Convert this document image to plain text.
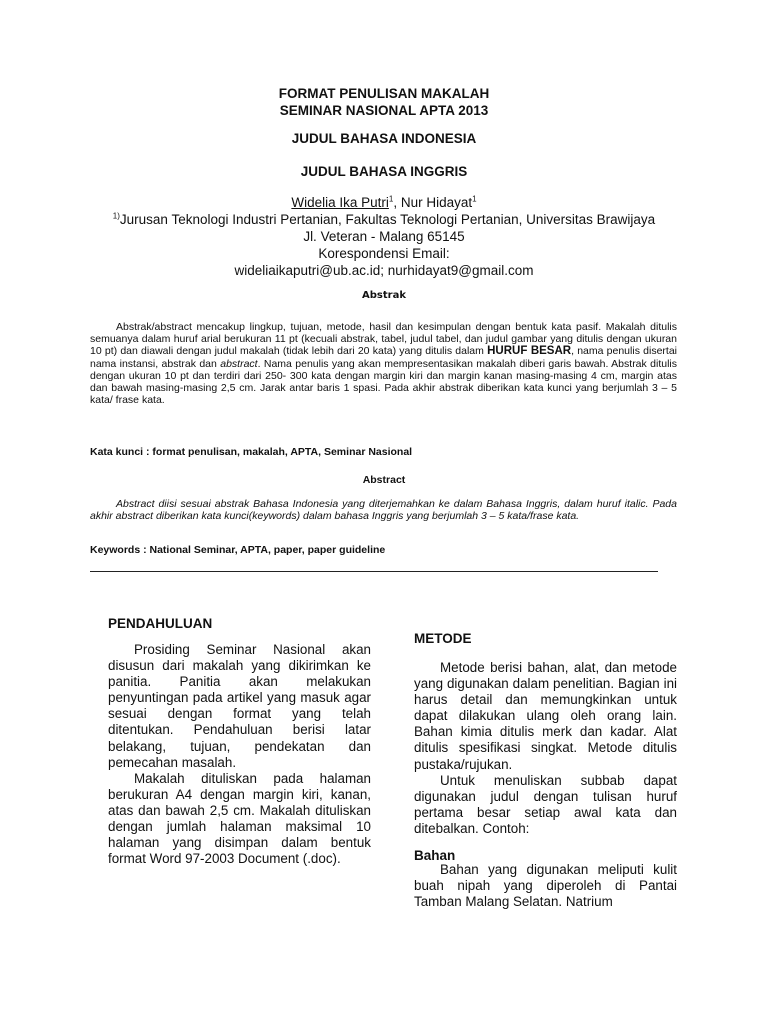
FORMAT PENULISAN MAKALAH
SEMINAR NASIONAL APTA 2013
JUDUL BAHASA INDONESIA
JUDUL BAHASA INGGRIS
Widelia Ika Putri$^1$, Nur Hidayat$^1$
$^{1)}$Jurusan Teknologi Industri Pertanian, Fakultas Teknologi Pertanian, Universitas Brawijaya
Jl. Veteran - Malang 65145
Korespondensi Email:
wideliaikaputri@ub.ac.id; nurhidayat9@gmail.com
Abstrak
Abstrak/abstract mencakup lingkup, tujuan, metode, hasil dan kesimpulan dengan bentuk kata pasif. Makalah ditulis semuanya dalam huruf arial berukuran 11 pt (kecuali abstrak, tabel, judul tabel, dan judul gambar yang ditulis dengan ukuran 10 pt) dan diawali dengan judul makalah (tidak lebih dari 20 kata) yang ditulis dalam HURUF BESAR, nama penulis disertai nama instansi, abstrak dan abstract. Nama penulis yang akan mempresentasikan makalah diberi garis bawah. Abstrak ditulis dengan ukuran 10 pt dan terdiri dari 250- 300 kata dengan margin kiri dan margin kanan masing-masing 4 cm, margin atas dan bawah masing-masing 2,5 cm. Jarak antar baris 1 spasi. Pada akhir abstrak diberikan kata kunci yang berjumlah 3 – 5 kata/ frase kata.
Kata kunci : format penulisan, makalah, APTA, Seminar Nasional
Abstract
Abstract diisi sesuai abstrak Bahasa Indonesia yang diterjemahkan ke dalam Bahasa Inggris, dalam huruf italic. Pada akhir abstract diberikan kata kunci(keywords) dalam bahasa Inggris yang berjumlah 3 – 5 kata/frase kata.
Keywords : National Seminar, APTA, paper, paper guideline
PENDAHULUAN

Prosiding Seminar Nasional akan disusun dari makalah yang dikirimkan ke panitia. Panitia akan melakukan penyuntingan pada artikel yang masuk agar sesuai dengan format yang telah ditentukan. Pendahuluan berisi latar belakang, tujuan, pendekatan dan pemecahan masalah.

Makalah dituliskan pada halaman berukuran A4 dengan margin kiri, kanan, atas dan bawah 2,5 cm. Makalah dituliskan dengan jumlah halaman maksimal 10 halaman yang disimpan dalam bentuk format Word 97-2003 Document (.doc).

METODE

Metode berisi bahan, alat, dan metode yang digunakan dalam penelitian. Bagian ini harus detail dan memungkinkan untuk dapat dilakukan ulang oleh orang lain. Bahan kimia ditulis merk dan kadar. Alat ditulis spesifikasi singkat. Metode ditulis pustaka/rujukan.

Untuk menuliskan subbab dapat digunakan judul dengan tulisan huruf pertama besar setiap awal kata dan ditebalkan. Contoh:

Bahan

Bahan yang digunakan meliputi kulit buah nipah yang diperoleh di Pantai Tamban Malang Selatan. Natrium
